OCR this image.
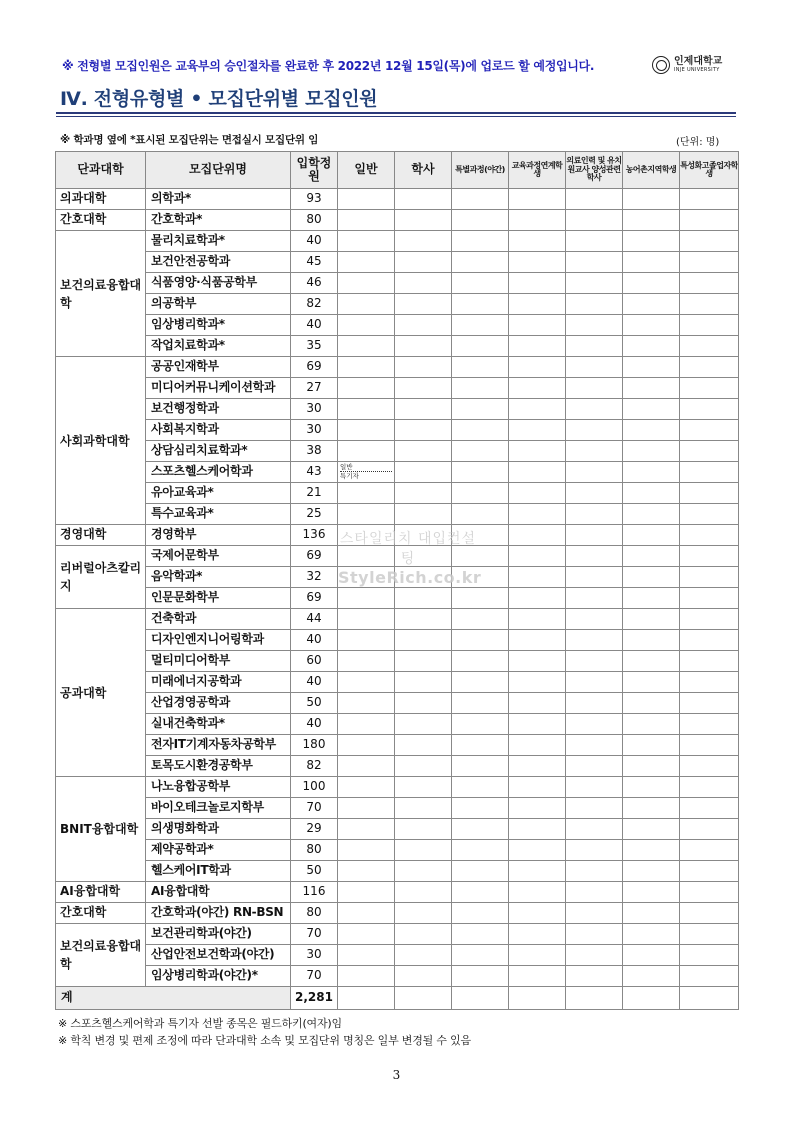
※ 전형별 모집인원은 교육부의 승인절차를 완료한 후 2022년 12월 15일(목)에 업로드 할 예정입니다.	인제대학교
INJE UNIVERSITY
Ⅳ. 전형유형별 • 모집단위별 모집인원
※ 학과명 옆에 *표시된 모집단위는 면접실시 모집단위 임	(단위: 명)
단과대학	모집단위명	입학정원	일반	학사	특별과정(야간)	교육과정연계학생	의료인력 및 유치원교사 양성관련학사	농어촌지역학생	특성화고졸업자학생
의과대학	의학과*	93							
간호대학	간호학과*	80							
보건의료융합대학	물리치료학과*	40							
	보건안전공학과	45							
	식품영양·식품공학부	46							
	의공학부	82							
	임상병리학과*	40							
	작업치료학과*	35							
사회과학대학	공공인재학부	69							
	미디어커뮤니케이션학과	27							
	보건행정학과	30							
	사회복지학과	30							
	상담심리치료학과*	38							
	스포츠헬스케어학과	43	일반
특기자						

	유아교육과*	21							
	특수교육과*	25							
경영대학	경영학부	136							
리버럴아츠칼리지	국제어문학부	69							
	음악학과*	32							
	인문문화학부	69							
공과대학	건축학과	44							
	디자인엔지니어링학과	40							
	멀티미디어학부	60							
	미래에너지공학과	40							
	산업경영공학과	50							
	실내건축학과*	40							
	전자IT기계자동차공학부	180							
	토목도시환경공학부	82							
BNIT융합대학	나노융합공학부	100							
	바이오테크놀로지학부	70							
	의생명화학과	29							
	제약공학과*	80							
	헬스케어IT학과	50							
AI융합대학	AI융합대학	116							
간호대학	간호학과(야간) RN-BSN	80							
보건의료융합대학	보건관리학과(야간)	70							
	산업안전보건학과(야간)	30							
	임상병리학과(야간)*	70							
계		2,281							
스타일리치 대입컨설팅
StyleRich.co.kr
※ 스포츠헬스케어학과 특기자 선발 종목은 필드하키(여자)임
※ 학칙 변경 및 편제 조정에 따라 단과대학 소속 및 모집단위 명칭은 일부 변경될 수 있음
3
